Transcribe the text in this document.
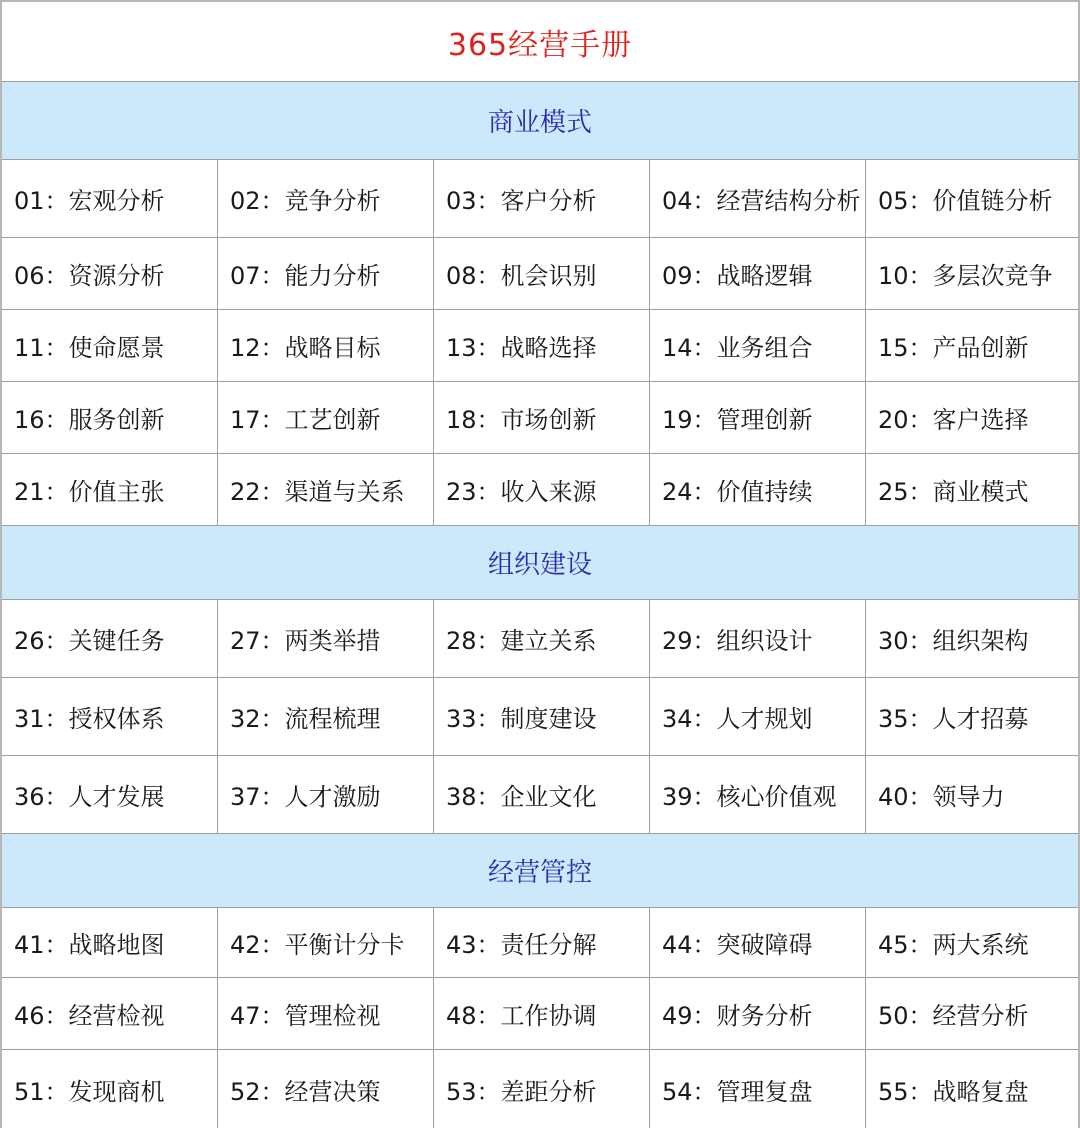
365经营手册
商业模式
01：宏观分析	02：竞争分析	03：客户分析	04：经营结构分析 05：价值链分析
06：资源分析	07：能力分析	08：机会识别	09：战略逻辑	10：多层次竞争
11：使命愿景	12：战略目标	13：战略选择	14：业务组合	15：产品创新
16：服务创新	17：工艺创新	18：市场创新	19：管理创新	20：客户选择
21：价值主张	22：渠道与关系	23：收入来源	24：价值持续	25：商业模式
组织建设
26：关键任务	27：两类举措	28：建立关系	29：组织设计	30：组织架构
31：授权体系	32：流程梳理	33：制度建设	34：人才规划	35：人才招募
36：人才发展	37：人才激励	38：企业文化	39：核心价值观	40：领导力
经营管控
41：战略地图	42：平衡计分卡	43：责任分解	44：突破障碍	45：两大系统
46：经营检视	47：管理检视	48：工作协调	49：财务分析	50：经营分析
51：发现商机	52：经营决策	53：差距分析	54：管理复盘	55：战略复盘
